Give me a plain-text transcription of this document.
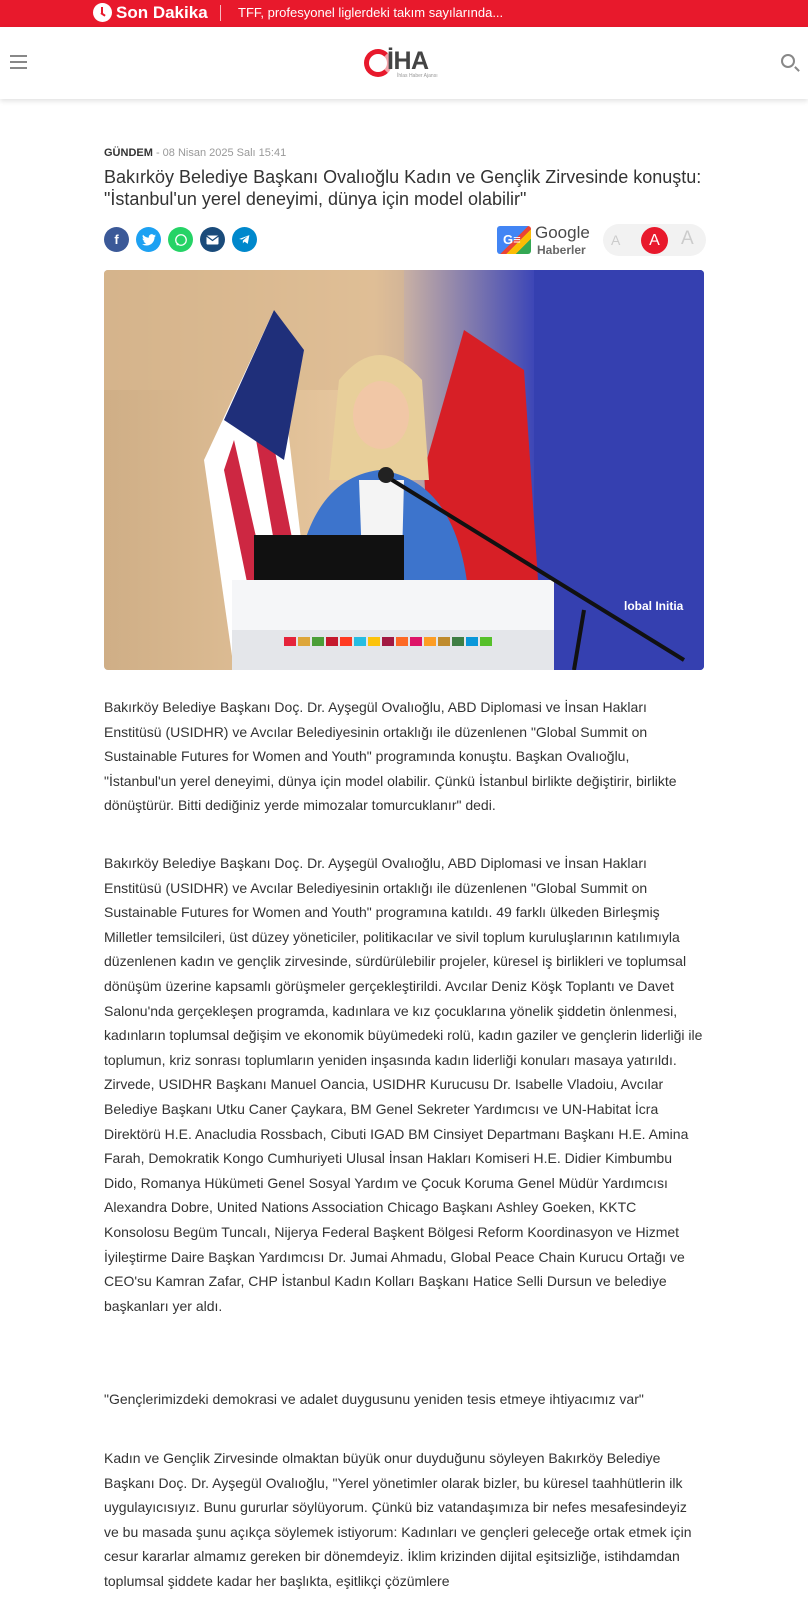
Son Dakika TFF, profesyonel liglerdeki takım sayılarında...
İHA
İhlas Haber Ajansı
GÜNDEM - 08 Nisan 2025 Salı 15:41
Bakırköy Belediye Başkanı Ovalıoğlu Kadın ve Gençlik Zirvesinde konuştu: "İstanbul'un yerel deneyimi, dünya için model olabilir"
f	G≡ Google
Haberler
A	A	A
lobal Initia

Bakırköy Belediye Başkanı Doç. Dr. Ayşegül Ovalıoğlu, ABD Diplomasi ve İnsan Hakları Enstitüsü (USIDHR) ve Avcılar Belediyesinin ortaklığı ile düzenlenen "Global Summit on Sustainable Futures for Women and Youth" programında konuştu. Başkan Ovalıoğlu, "İstanbul'un yerel deneyimi, dünya için model olabilir. Çünkü İstanbul birlikte değiştirir, birlikte dönüştürür. Bitti dediğiniz yerde mimozalar tomurcuklanır" dedi.

Bakırköy Belediye Başkanı Doç. Dr. Ayşegül Ovalıoğlu, ABD Diplomasi ve İnsan Hakları Enstitüsü (USIDHR) ve Avcılar Belediyesinin ortaklığı ile düzenlenen "Global Summit on Sustainable Futures for Women and Youth" programına katıldı. 49 farklı ülkeden Birleşmiş Milletler temsilcileri, üst düzey yöneticiler, politikacılar ve sivil toplum kuruluşlarının katılımıyla düzenlenen kadın ve gençlik zirvesinde, sürdürülebilir projeler, küresel iş birlikleri ve toplumsal dönüşüm üzerine kapsamlı görüşmeler gerçekleştirildi. Avcılar Deniz Köşk Toplantı ve Davet Salonu'nda gerçekleşen programda, kadınlara ve kız çocuklarına yönelik şiddetin önlenmesi, kadınların toplumsal değişim ve ekonomik büyümedeki rolü, kadın gaziler ve gençlerin liderliği ile toplumun, kriz sonrası toplumların yeniden inşasında kadın liderliği konuları masaya yatırıldı. Zirvede, USIDHR Başkanı Manuel Oancia, USIDHR Kurucusu Dr. Isabelle Vladoiu, Avcılar Belediye Başkanı Utku Caner Çaykara, BM Genel Sekreter Yardımcısı ve UN-Habitat İcra Direktörü H.E. Anacludia Rossbach, Cibuti IGAD BM Cinsiyet Departmanı Başkanı H.E. Amina Farah, Demokratik Kongo Cumhuriyeti Ulusal İnsan Hakları Komiseri H.E. Didier Kimbumbu Dido, Romanya Hükümeti Genel Sosyal Yardım ve Çocuk Koruma Genel Müdür Yardımcısı Alexandra Dobre, United Nations Association Chicago Başkanı Ashley Goeken, KKTC Konsolosu Begüm Tuncalı, Nijerya Federal Başkent Bölgesi Reform Koordinasyon ve Hizmet İyileştirme Daire Başkan Yardımcısı Dr. Jumai Ahmadu, Global Peace Chain Kurucu Ortağı ve CEO'su Kamran Zafar, CHP İstanbul Kadın Kolları Başkanı Hatice Selli Dursun ve belediye başkanları yer aldı.

"Gençlerimizdeki demokrasi ve adalet duygusunu yeniden tesis etmeye ihtiyacımız var"

Kadın ve Gençlik Zirvesinde olmaktan büyük onur duyduğunu söyleyen Bakırköy Belediye Başkanı Doç. Dr. Ayşegül Ovalıoğlu, "Yerel yönetimler olarak bizler, bu küresel taahhütlerin ilk uygulayıcısıyız. Bunu gururlar söylüyorum. Çünkü biz vatandaşımıza bir nefes mesafesindeyiz ve bu masada şunu açıkça söylemek istiyorum: Kadınları ve gençleri geleceğe ortak etmek için cesur kararlar almamız gereken bir dönemdeyiz. İklim krizinden dijital eşitsizliğe, istihdamdan toplumsal şiddete kadar her başlıkta, eşitlikçi çözümlere
